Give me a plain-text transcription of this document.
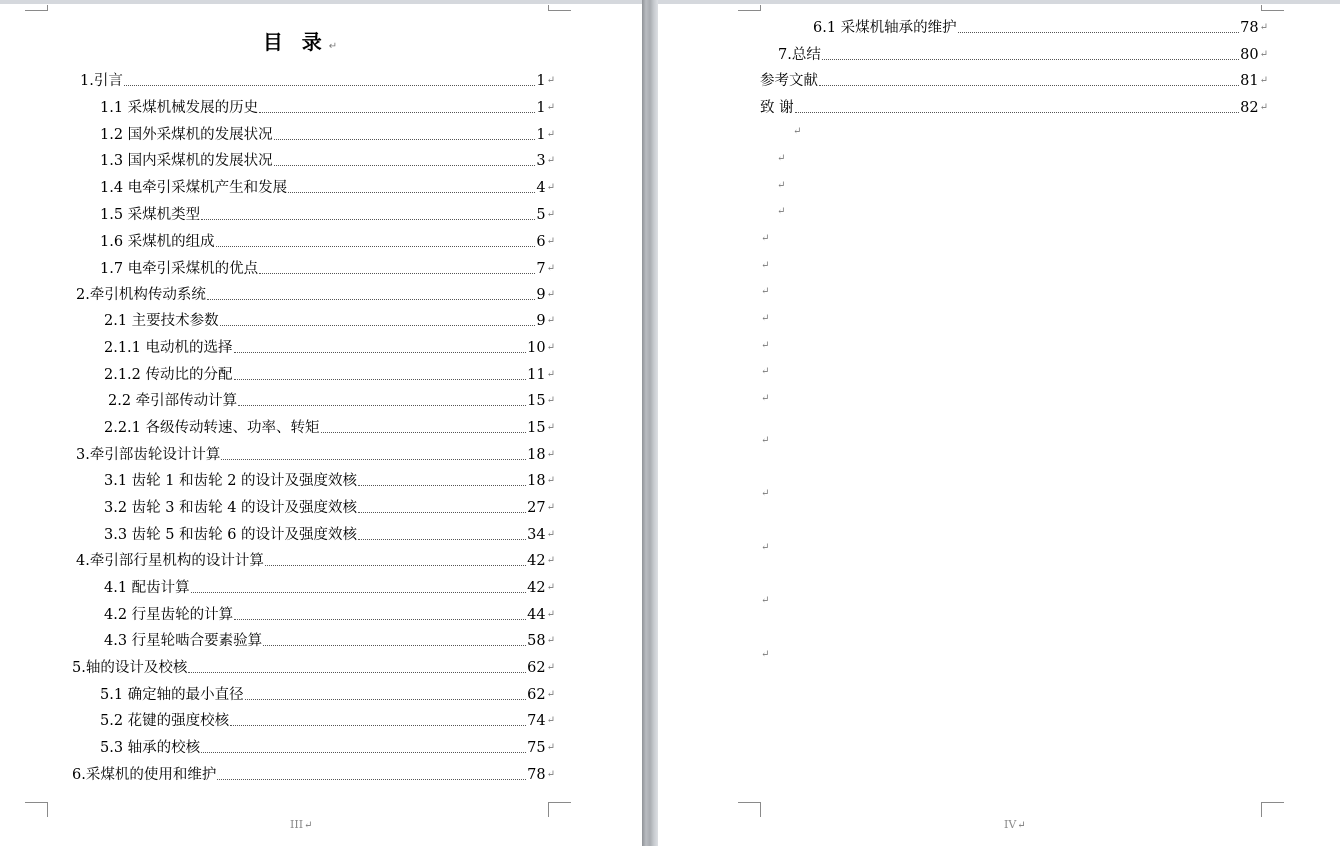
目 录↵
1.引言	1 ↵
1.1 采煤机械发展的历史	1 ↵
1.2 国外采煤机的发展状况	1 ↵
1.3 国内采煤机的发展状况	3 ↵
1.4 电牵引采煤机产生和发展	4 ↵
1.5 采煤机类型	5 ↵
1.6 采煤机的组成	6 ↵
1.7 电牵引采煤机的优点	7 ↵
2.牵引机构传动系统	9 ↵
2.1 主要技术参数	9 ↵
2.1.1 电动机的选择	10 ↵
2.1.2 传动比的分配	11 ↵
2.2 牵引部传动计算	15 ↵
2.2.1 各级传动转速、功率、转矩	15 ↵
3.牵引部齿轮设计计算	18 ↵
3.1 齿轮 1 和齿轮 2 的设计及强度效核	18 ↵
3.2 齿轮 3 和齿轮 4 的设计及强度效核	27 ↵
3.3 齿轮 5 和齿轮 6 的设计及强度效核	34 ↵
4.牵引部行星机构的设计计算	42 ↵
4.1 配齿计算	42 ↵
4.2 行星齿轮的计算	44 ↵
4.3 行星轮啮合要素验算	58 ↵
5.轴的设计及校核	62 ↵
5.1 确定轴的最小直径	62 ↵
5.2 花键的强度校核	74 ↵
5.3 轴承的校核	75 ↵
6.采煤机的使用和维护	78 ↵
III↵
6.1 采煤机轴承的维护	78 ↵
7.总结	80 ↵
参考文献	81 ↵
致 谢	82 ↵
↵
↵
↵
↵
↵
↵
↵
↵
↵
↵
↵
↵
↵
↵
↵
↵
IV↵
